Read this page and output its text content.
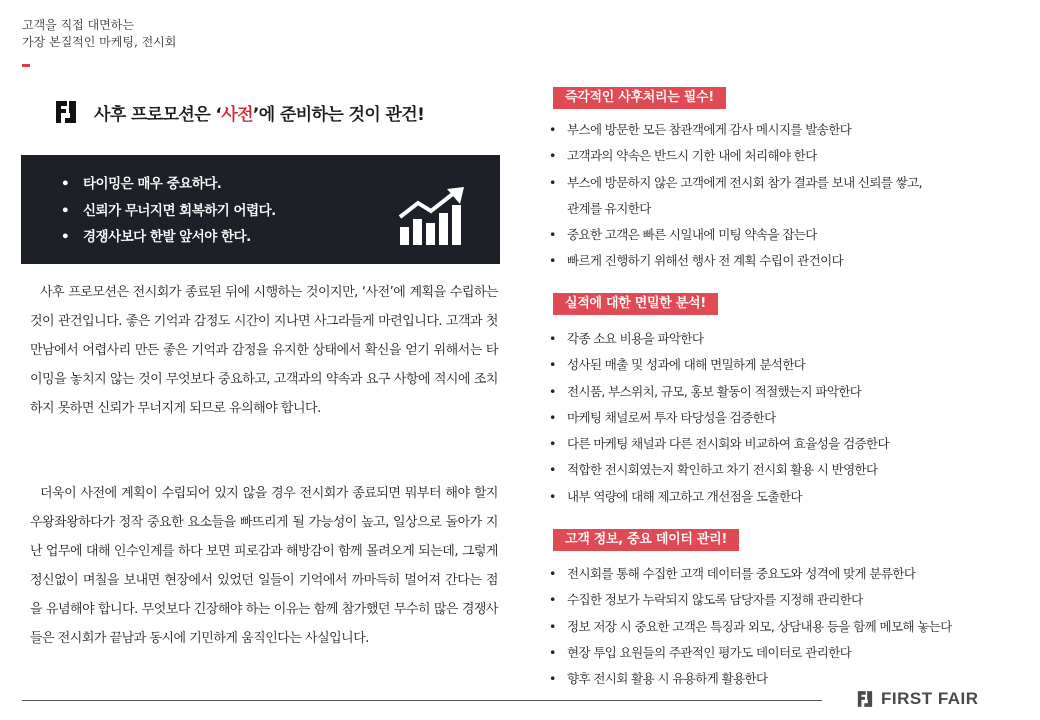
고객을 직접 대면하는
가장 본질적인 마케팅, 전시회
사후 프로모션은 ‘사전’에 준비하는 것이 관건!
• 타이밍은 매우 중요하다.
• 신뢰가 무너지면 회복하기 어렵다.
• 경쟁사보다 한발 앞서야 한다.
사후 프로모션은 전시회가 종료된 뒤에 시행하는 것이지만, ‘사전’에 계획을 수립하는 것이 관건입니다. 좋은 기억과 감정도 시간이 지나면 사그라들게 마련입니다. 고객과 첫 만남에서 어렵사리 만든 좋은 기억과 감정을 유지한 상태에서 확신을 얻기 위해서는 타이밍을 놓치지 않는 것이 무엇보다 중요하고, 고객과의 약속과 요구 사항에 적시에 조치하지 못하면 신뢰가 무너지게 되므로 유의해야 합니다.
더욱이 사전에 계획이 수립되어 있지 않을 경우 전시회가 종료되면 뭐부터 해야 할지 우왕좌왕하다가 정작 중요한 요소들을 빠뜨리게 될 가능성이 높고, 일상으로 돌아가 지난 업무에 대해 인수인계를 하다 보면 피로감과 해방감이 함께 몰려오게 되는데, 그렇게 정신없이 며칠을 보내면 현장에서 있었던 일들이 기억에서 까마득히 멀어져 간다는 점을 유념해야 합니다. 무엇보다 긴장해야 하는 이유는 함께 참가했던 무수히 많은 경쟁사들은 전시회가 끝남과 동시에 기민하게 움직인다는 사실입니다.
즉각적인 사후처리는 필수!
• 부스에 방문한 모든 참관객에게 감사 메시지를 발송한다
• 고객과의 약속은 반드시 기한 내에 처리해야 한다
• 부스에 방문하지 않은 고객에게 전시회 참가 결과를 보내 신뢰를 쌓고,
관계를 유지한다
• 중요한 고객은 빠른 시일내에 미팅 약속을 잡는다
• 빠르게 진행하기 위해선 행사 전 계획 수립이 관건이다
실적에 대한 면밀한 분석!
• 각종 소요 비용을 파악한다
• 성사된 매출 및 성과에 대해 면밀하게 분석한다
• 전시품, 부스위치, 규모, 홍보 활동이 적절했는지 파악한다
• 마케팅 채널로써 투자 타당성을 검증한다
• 다른 마케팅 채널과 다른 전시회와 비교하여 효율성을 검증한다
• 적합한 전시회였는지 확인하고 차기 전시회 활용 시 반영한다
• 내부 역량에 대해 제고하고 개선점을 도출한다
고객 정보, 중요 데이터 관리!
• 전시회를 통해 수집한 고객 데이터를 중요도와 성격에 맞게 분류한다
• 수집한 정보가 누락되지 않도록 담당자를 지정해 관리한다
• 정보 저장 시 중요한 고객은 특징과 외모, 상담내용 등을 함께 메모해 놓는다
• 현장 투입 요원들의 주관적인 평가도 데이터로 관리한다
• 향후 전시회 활용 시 유용하게 활용한다
FIRST FAIR
